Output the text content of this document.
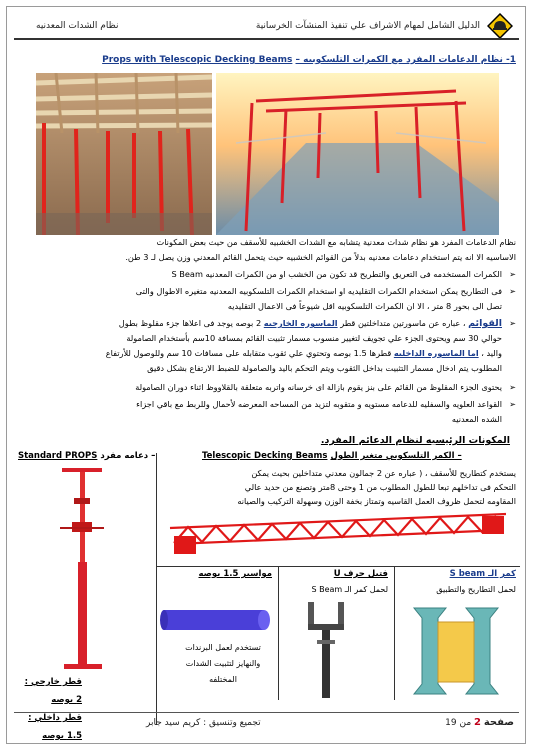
نظام الشدات المعدنيه	الدليل الشامل لمهام الاشراف علي تنفيذ المنشآت الخرسانية
1- نظام الدعامات المفرد مع الكمرات التلسكوبيه – Props with Telescopic Decking Beams
نظام الدعامات المفرد هو نظام شدات معدنية يتشابه مع الشدات الخشبيه للأسقف من حيث بعض المكونات
الاساسيه الا انه يتم استخدام دعامات معدنيه بدلاً من القوائم الخشبيه حيث يتحمل القائم المعدني وزن يصل لـ 3 طن.
➢
الكمرات المستخدمه فى التعريق والتطريح قد تكون من الخشب او من الكمرات المعدنيه S Beam
➢
فى التطاريح يمكن استخدام الكمرات التقليديه او استخدام الكمرات التلسكوبيه المعدنيه متغيره الاطوال والتى
تصل الى بحور 8 متر ، الا ان الكمرات التلسكوبيه اقل شيوعاً فى الاعمال التقليديه
➢
القوائم ، عباره عن ماسورتين متداخلتين قطر الماسوره الخارجيه 2 بوصه يوجد فى اعلاها جزء مقلوظ بطول
حوالي 30 سم ويحتوى الجزء علي تجويف لتغيير منسوب مسمار تثبيت القائم بمسافة 10سم بأستخدام الصامولة
واليد ، اما الماسوره الداخليه قطرها 1.5 بوصه وتحتوي علي ثقوب متقابله على مسافات 10 سم وللوصول للأرتفاع
المطلوب يتم ادخال مسمار التثبيت بداخل الثقوب ويتم التحكم باليد والصامولة للضبط الارتفاع بشكل دقيق
➢
يحتوى الجزء المقلوظ من القائم على بنز يقوم بازالة اى خرسانه واتربه متعلقة بالقلاووظ اثناء دوران الصامولة
➢
القواعد العلويه والسفليه للدعامه مستويه و متقوبه لتزيد من المساحه المعرضه لأحمال وللربط مع باقي اجزاء
الشده المعدنيه
المكونات الرئيسيه لنظام الدعائم المفرد.
Standard PROPS دعامه مفرد –
قطر خارجي : 2 بوصه
قطر داخلي : 1.5 بوصه
Telescopic Decking Beams الكمر التلسكوبي متغير الطول –
يستخدم كتطاريح للأسقف ، ( عباره عن 2 جمالون معدني متداخلين بحيث يمكن
التحكم فى تداخلهم تبعا للطول المطلوب من 1 وحتى 8متر وتصنع من حديد عالي
المقاومه لتحمل ظروف العمل القاسيه وتمتاز بخفة الوزن وسهولة التركيب والصيانه
كمر الـ S beam
لحمل التطاريح والتطبيق
فتيل حرف U
لحمل كمر الـ S Beam
مواسير 1.5 بوصه
تستخدم لعمل البرندات
والنهايز لتثبيت الشدات
المختلفه
تجميع وتنسيق : كريم سيد جابر	صفحة 2 من 19
